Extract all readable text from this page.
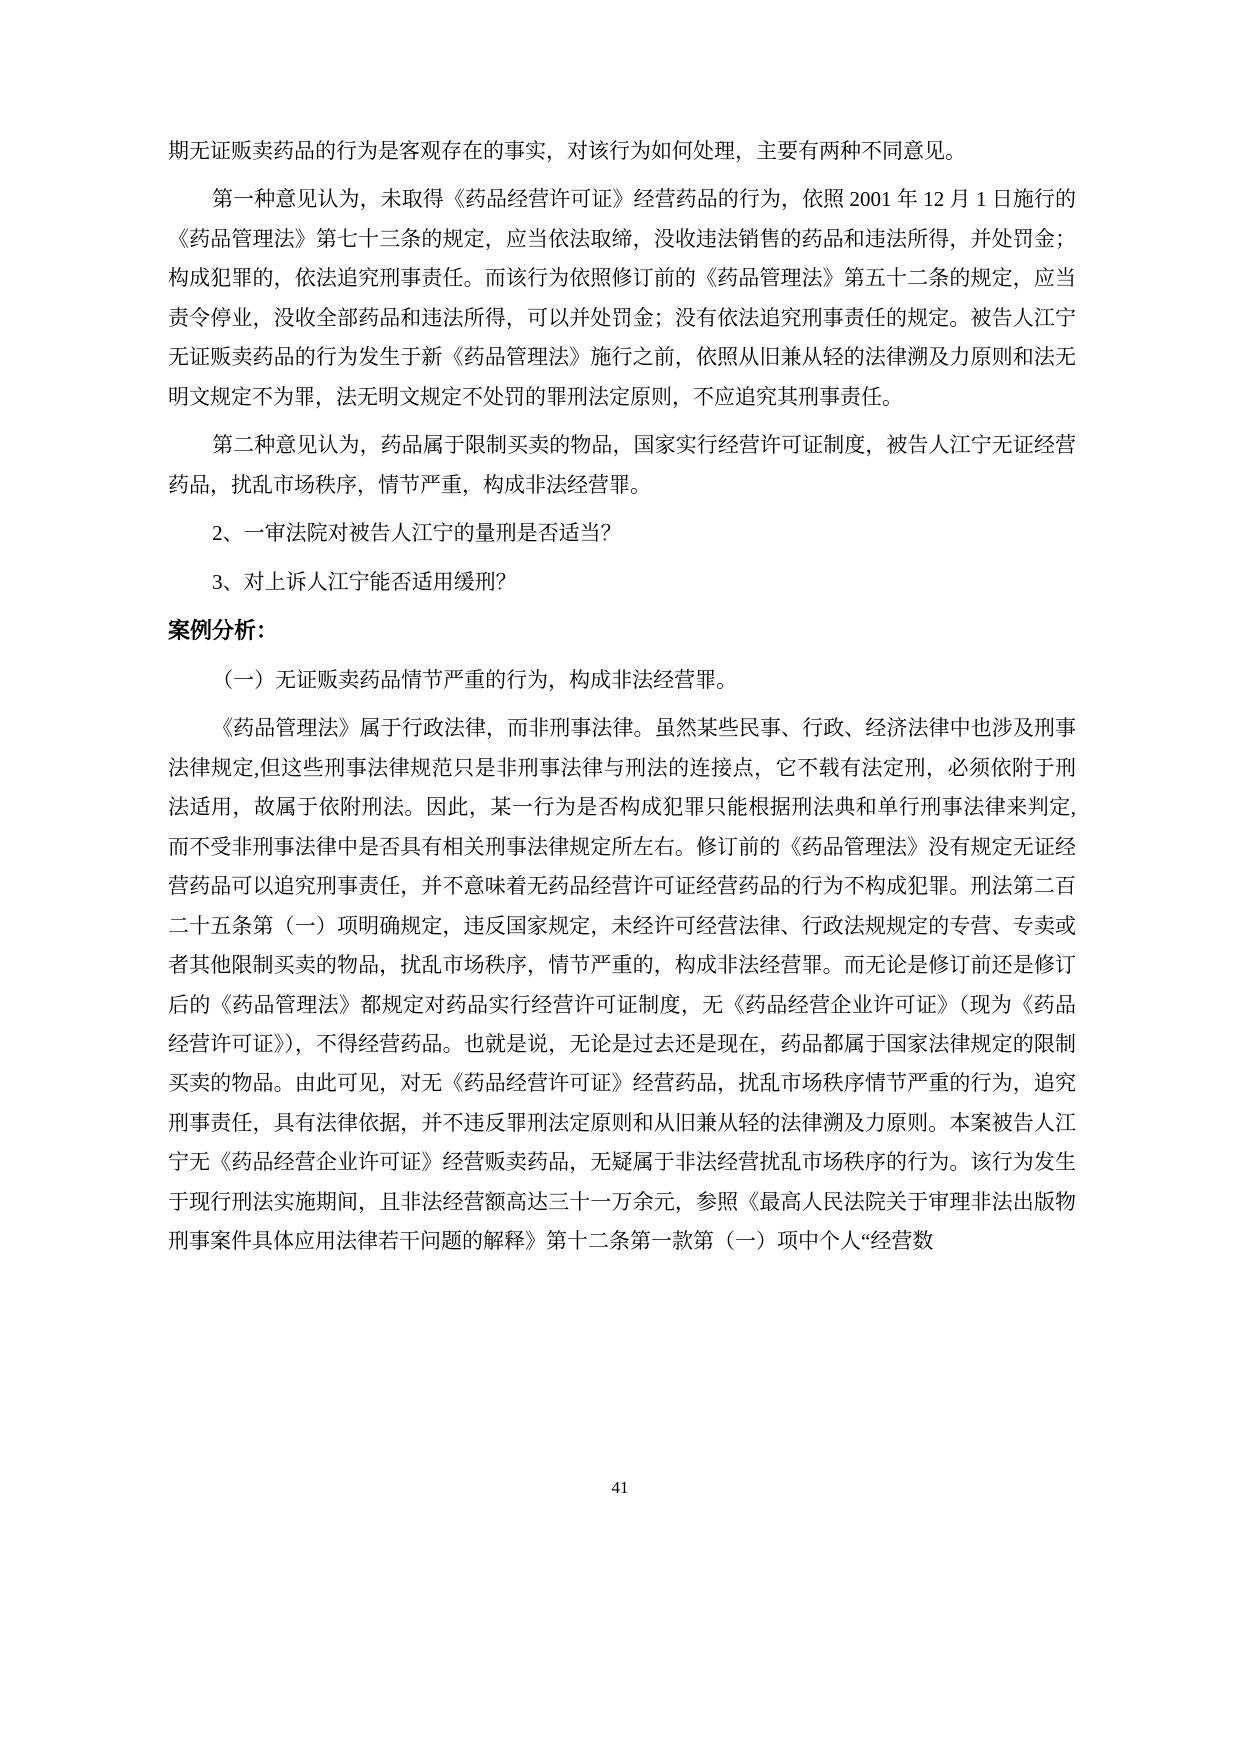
期无证贩卖药品的行为是客观存在的事实，对该行为如何处理，主要有两种不同意见。

第一种意见认为，未取得《药品经营许可证》经营药品的行为，依照 2001 年 12 月 1 日施行的《药品管理法》第七十三条的规定，应当依法取缔，没收违法销售的药品和违法所得，并处罚金；构成犯罪的，依法追究刑事责任。而该行为依照修订前的《药品管理法》第五十二条的规定，应当责令停业，没收全部药品和违法所得，可以并处罚金；没有依法追究刑事责任的规定。被告人江宁无证贩卖药品的行为发生于新《药品管理法》施行之前，依照从旧兼从轻的法律溯及力原则和法无明文规定不为罪，法无明文规定不处罚的罪刑法定原则，不应追究其刑事责任。

第二种意见认为，药品属于限制买卖的物品，国家实行经营许可证制度，被告人江宁无证经营药品，扰乱市场秩序，情节严重，构成非法经营罪。

2、一审法院对被告人江宁的量刑是否适当？

3、对上诉人江宁能否适用缓刑？

案例分析：

（一）无证贩卖药品情节严重的行为，构成非法经营罪。

《药品管理法》属于行政法律，而非刑事法律。虽然某些民事、行政、经济法律中也涉及刑事法律规定,但这些刑事法律规范只是非刑事法律与刑法的连接点，它不载有法定刑，必须依附于刑法适用，故属于依附刑法。因此，某一行为是否构成犯罪只能根据刑法典和单行刑事法律来判定,而不受非刑事法律中是否具有相关刑事法律规定所左右。修订前的《药品管理法》没有规定无证经营药品可以追究刑事责任，并不意味着无药品经营许可证经营药品的行为不构成犯罪。刑法第二百二十五条第（一）项明确规定，违反国家规定，未经许可经营法律、行政法规规定的专营、专卖或者其他限制买卖的物品，扰乱市场秩序，情节严重的，构成非法经营罪。而无论是修订前还是修订后的《药品管理法》都规定对药品实行经营许可证制度，无《药品经营企业许可证》（现为《药品经营许可证》），不得经营药品。也就是说，无论是过去还是现在，药品都属于国家法律规定的限制买卖的物品。由此可见，对无《药品经营许可证》经营药品，扰乱市场秩序情节严重的行为，追究刑事责任，具有法律依据，并不违反罪刑法定原则和从旧兼从轻的法律溯及力原则。本案被告人江宁无《药品经营企业许可证》经营贩卖药品，无疑属于非法经营扰乱市场秩序的行为。该行为发生于现行刑法实施期间，且非法经营额高达三十一万余元，参照《最高人民法院关于审理非法出版物刑事案件具体应用法律若干问题的解释》第十二条第一款第（一）项中个人“经营数

41
